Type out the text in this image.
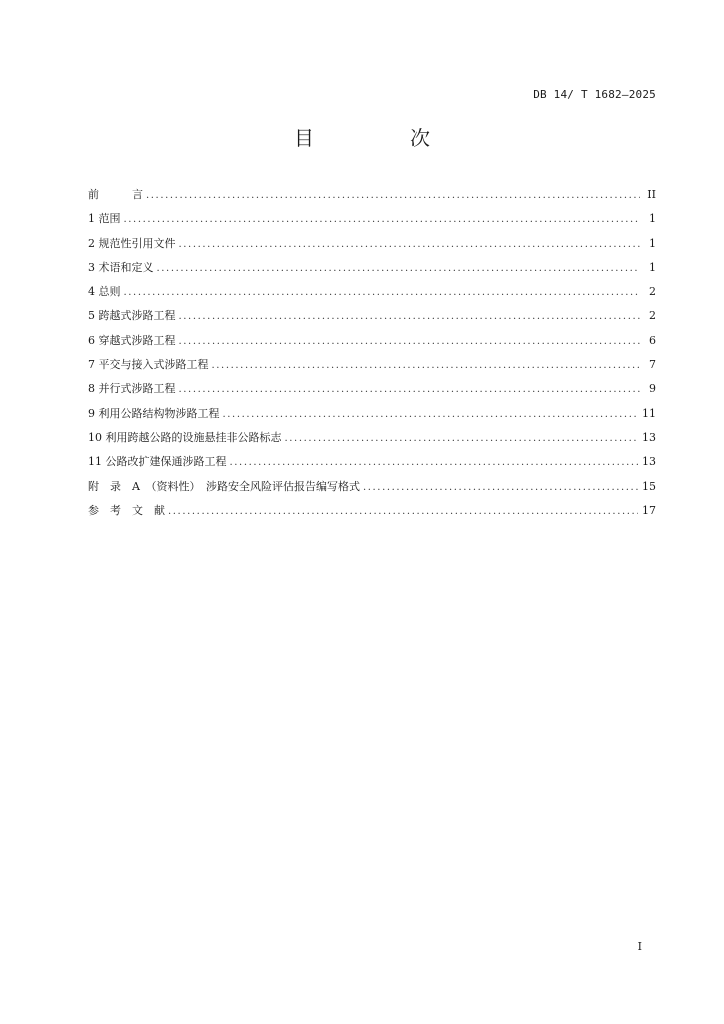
DB 14/ T 1682—2025
目　次
前　　　言 .....	II
1 范围 .....	1
2 规范性引用文件 .....	1
3 术语和定义 .....	1
4 总则 .....	2
5 跨越式涉路工程 .....	2
6 穿越式涉路工程 .....	6
7 平交与接入式涉路工程 .....	7
8 并行式涉路工程 .....	9
9 利用公路结构物涉路工程 .....	11
10 利用跨越公路的设施悬挂非公路标志 .....	13
11 公路改扩建保通涉路工程 .....	13
附　录　A　（资料性）　涉路安全风险评估报告编写格式 .....	15
参　考　文　献 .....	17
I
